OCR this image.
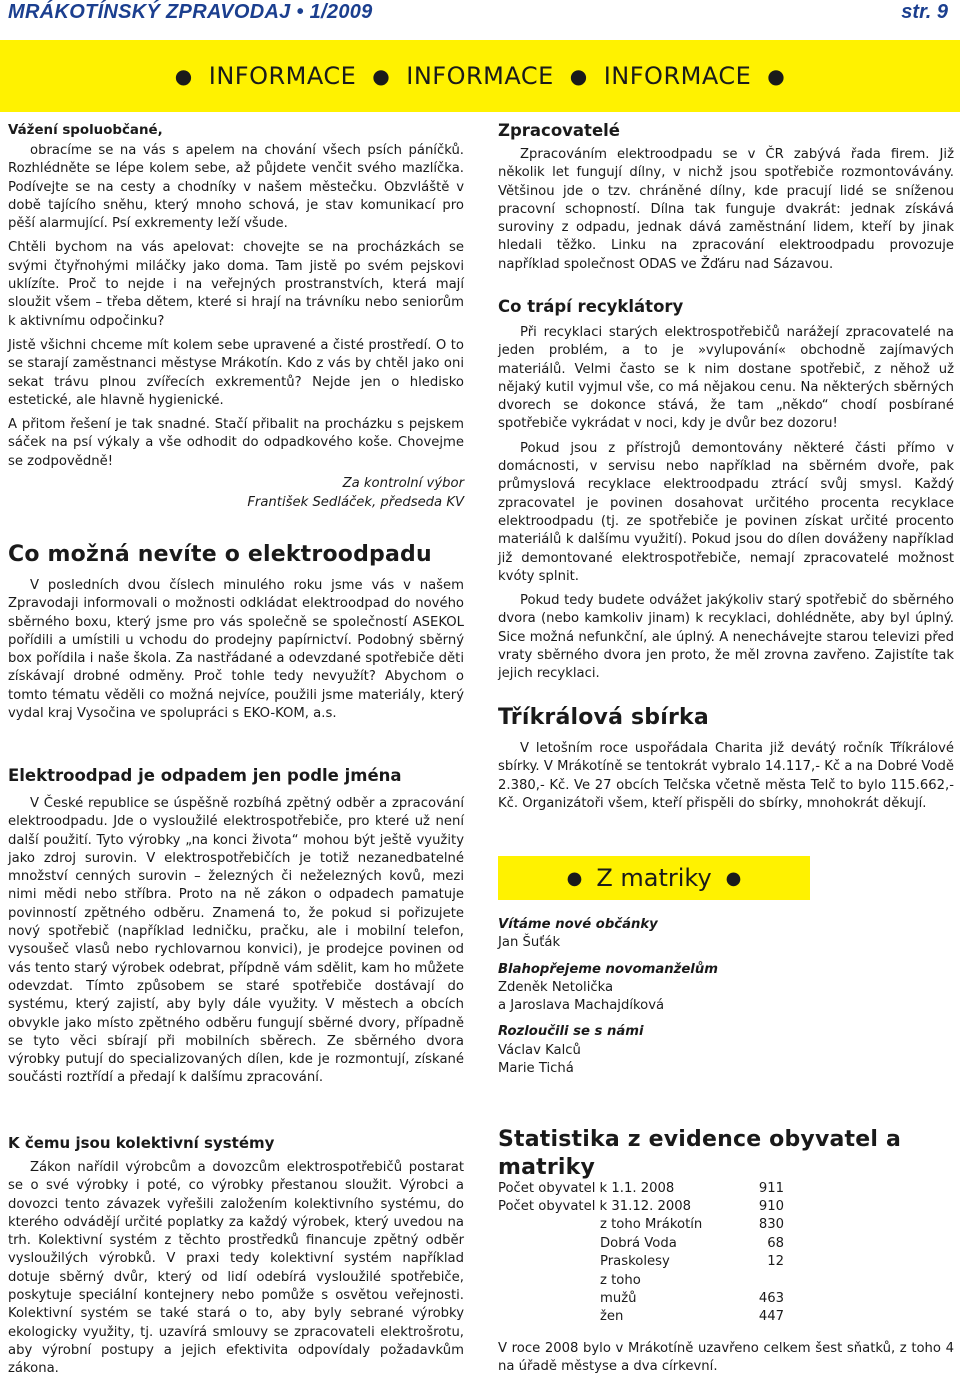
MRÁKOTÍNSKÝ ZPRAVODAJ • 1/2009	str. 9
● INFORMACE ● INFORMACE ● INFORMACE ●
Vážení spoluobčané,

obracíme se na vás s apelem na chování všech psích páníčků. Rozhlédněte se lépe kolem sebe, až půjdete venčit svého mazlíčka. Podívejte se na cesty a chodníky v našem městečku. Obzvláště v době tajícího sněhu, který mnoho schová, je stav komunikací pro pěší alarmující. Psí exkrementy leží všude.

Chtěli bychom na vás apelovat: chovejte se na procházkách se svými čtyřnohými miláčky jako doma. Tam jistě po svém pejskovi uklízíte. Proč to nejde i na veřejných prostranstvích, která mají sloužit všem – třeba dětem, které si hrají na trávníku nebo seniorům k aktivnímu odpočinku?

Jistě všichni chceme mít kolem sebe upravené a čisté prostředí. O to se starají zaměstnanci městyse Mrákotín. Kdo z vás by chtěl jako oni sekat trávu plnou zvířecích exkrementů? Nejde jen o hledisko estetické, ale hlavně hygienické.

A přitom řešení je tak snadné. Stačí přibalit na procházku s pejskem sáček na psí výkaly a vše odhodit do odpadkového koše. Chovejme se zodpovědně!

Za kontrolní výbor
František Sedláček, předseda KV
Co možná nevíte o elektroodpadu

V posledních dvou číslech minulého roku jsme vás v našem Zpravodaji informovali o možnosti odkládat elektroodpad do nového sběrného boxu, který jsme pro vás společně se společností ASEKOL pořídili a umístili u vchodu do prodejny papírnictví. Podobný sběrný box pořídila i naše škola. Za nastřádané a odevzdané spotřebiče děti získávají drobné odměny. Proč tohle tedy nevyužít? Abychom o tomto tématu věděli co možná nejvíce, použili jsme materiály, který vydal kraj Vysočina ve spolupráci s EKO-KOM, a.s.

Elektroodpad je odpadem jen podle jména

V České republice se úspěšně rozbíhá zpětný odběr a zpracování elektroodpadu. Jde o vysloužilé elektrospotřebiče, pro které už není další použití. Tyto výrobky „na konci života“ mohou být ještě využity jako zdroj surovin. V elektrospotřebičích je totiž nezanedbatelné množství cenných surovin – železných či neželezných kovů, mezi nimi mědi nebo stříbra. Proto na ně zákon o odpadech pamatuje povinností zpětného odběru. Znamená to, že pokud si pořizujete nový spotřebič (například ledničku, pračku, ale i mobilní telefon, vysoušeč vlasů nebo rychlovarnou konvici), je prodejce povinen od vás tento starý výrobek odebrat, přípdně vám sdělit, kam ho můžete odevzdat. Tímto způsobem se staré spotřebiče dostávají do systému, který zajistí, aby byly dále využity. V městech a obcích obvykle jako místo zpětného odběru fungují sběrné dvory, případně se tyto věci sbírají při mobilních sběrech. Ze sběrného dvora výrobky putují do specializovaných dílen, kde je rozmontují, získané součásti roztřídí a předají k dalšímu zpracování.

K čemu jsou kolektivní systémy

Zákon nařídil výrobcům a dovozcům elektrospotřebičů postarat se o své výrobky i poté, co výrobky přestanou sloužit. Výrobci a dovozci tento závazek vyřešili založením kolektivního systému, do kterého odvádějí určité poplatky za každý výrobek, který uvedou na trh. Kolektivní systém z těchto prostředků financuje zpětný odběr vysloužilých výrobků. V praxi tedy kolektivní systém například dotuje sběrný dvůr, který od lidí odebírá vysloužilé spotřebiče, poskytuje speciální kontejnery nebo pomůže s osvětou veřejnosti. Kolektivní systém se také stará o to, aby byly sebrané výrobky ekologicky využity, tj. uzavírá smlouvy se zpracovateli elektrošrotu, aby výrobní postupy a jejich efektivita odpovídaly požadavkům zákona.

Zpracovatelé

Zpracováním elektroodpadu se v ČR zabývá řada firem. Již několik let fungují dílny, v nichž jsou spotřebiče rozmontovávány. Většinou jde o tzv. chráněné dílny, kde pracují lidé se sníženou pracovní schopností. Dílna tak funguje dvakrát: jednak získává suroviny z odpadu, jednak dává zaměstnání lidem, kteří by jinak hledali těžko. Linku na zpracování elektroodpadu provozuje například společnost ODAS ve Žďáru nad Sázavou.

Co trápí recyklátory

Při recyklaci starých elektrospotřebičů narážejí zpracovatelé na jeden problém, a to je »vylupování« obchodně zajímavých materiálů. Velmi často se k nim dostane spotřebič, z něhož už nějaký kutil vyjmul vše, co má nějakou cenu. Na některých sběrných dvorech se dokonce stává, že tam „někdo“ chodí posbírané spotřebiče vykrádat v noci, kdy je dvůr bez dozoru!

Pokud jsou z přístrojů demontovány některé části přímo v domácnosti, v servisu nebo například na sběrném dvoře, pak průmyslová recyklace elektroodpadu ztrácí svůj smysl. Každý zpracovatel je povinen dosahovat určitého procenta recyklace elektroodpadu (tj. ze spotřebiče je povinen získat určité procento materiálů k dalšímu využití). Pokud jsou do dílen dováženy například již demontované elektrospotřebiče, nemají zpracovatelé možnost kvóty splnit.

Pokud tedy budete odvážet jakýkoliv starý spotřebič do sběrného dvora (nebo kamkoliv jinam) k recyklaci, dohlédněte, aby byl úplný. Sice možná nefunkční, ale úplný. A nenechávejte starou televizi před vraty sběrného dvora jen proto, že měl zrovna zavřeno. Zajistíte tak jejich recyklaci.

Tříkrálová sbírka

V letošním roce uspořádala Charita již devátý ročník Tříkrálové sbírky. V Mrákotíně se tentokrát vybralo 14.117,- Kč a na Dobré Vodě 2.380,- Kč. Ve 27 obcích Telčska včetně města Telč to bylo 115.662,- Kč. Organizátoři všem, kteří přispěli do sbírky, mnohokrát děkují.

● Z matriky ●
Vítáme nové občánky
Jan Šuťák
Blahopřejeme novomanželům
Zdeněk Netolička
a Jaroslava Machajdíková
Rozloučili se s námi
Václav Kalců
Marie Tichá
Statistika z evidence obyvatel a matriky
Počet obyvatel k 1.1. 2008	911
Počet obyvatel k 31.12. 2008	910
z toho Mrákotín	830
Dobrá Voda	68
Praskolesy	12
z toho
mužů	463
žen	447

V roce 2008 bylo v Mrákotíně uzavřeno celkem šest sňatků, z toho 4 na úřadě městyse a dva církevní.
